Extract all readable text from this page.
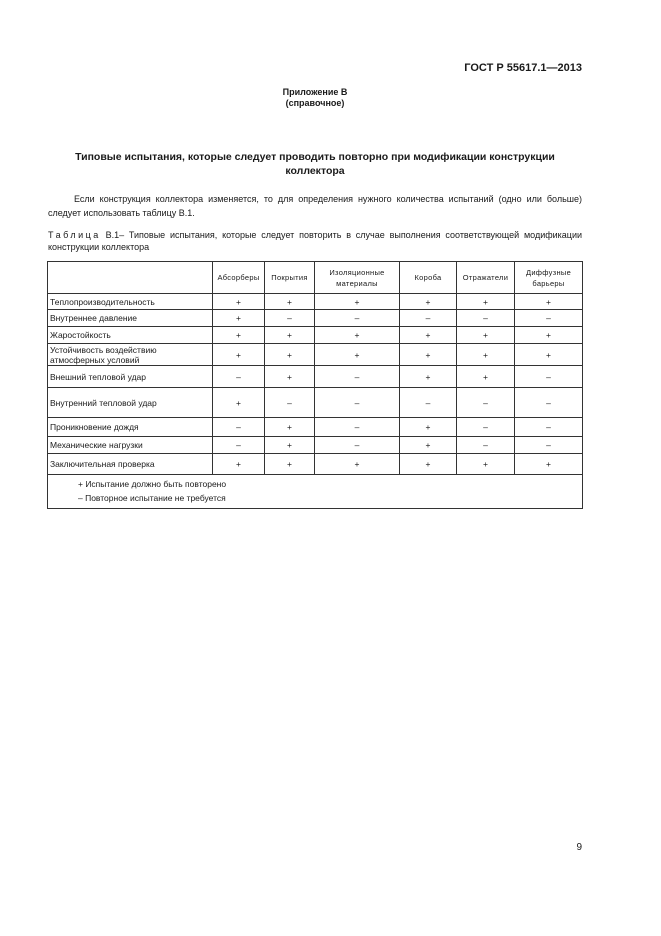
ГОСТ Р 55617.1—2013
Приложение В
(справочное)
Типовые испытания, которые следует проводить повторно при модификации конструкции коллектора
Если конструкция коллектора изменяется, то для определения нужного количества испытаний (одно или больше) следует использовать таблицу В.1.
Таблица В.1– Типовые испытания, которые следует повторить в случае выполнения соответствующей модификации конструкции коллектора
	Абсорберы	Покрытия	Изоляционные материалы	Короба	Отражатели	Диффузные барьеры
Теплопроизводительность	+	+	+	+	+	+
Внутреннее давление	+	–	–	–	–	–
Жаростойкость	+	+	+	+	+	+
Устойчивость воздействию атмосферных условий	+	+	+	+	+	+
Внешний тепловой удар	–	+	–	+	+	–
Внутренний тепловой удар	+	–	–	–	–	–
Проникновение дождя	–	+	–	+	–	–
Механические нагрузки	–	+	–	+	–	–
Заключительная проверка	+	+	+	+	+	+

+ Испытание должно быть повторено
– Повторное испытание не требуется						
9
